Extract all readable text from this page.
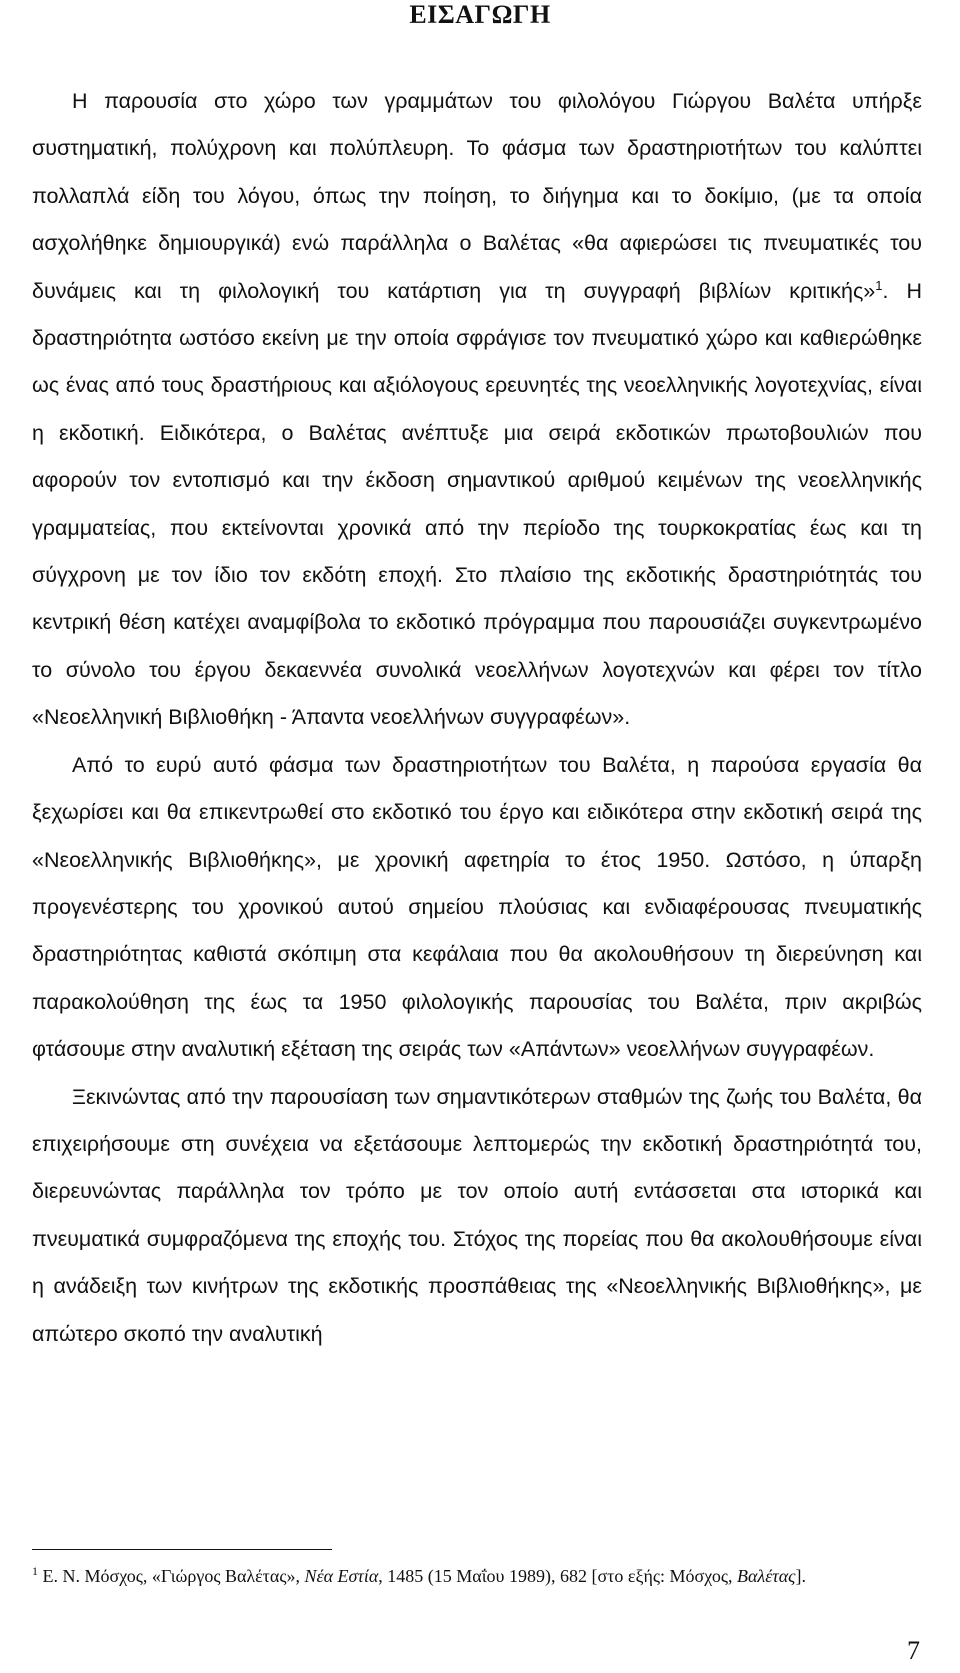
ΕΙΣΑΓΩΓΗ

Η παρουσία στο χώρο των γραμμάτων του φιλολόγου Γιώργου Βαλέτα υπήρξε συστηματική, πολύχρονη και πολύπλευρη. Το φάσμα των δραστηριοτήτων του καλύπτει πολλαπλά είδη του λόγου, όπως την ποίηση, το διήγημα και το δοκίμιο, (με τα οποία ασχολήθηκε δημιουργικά) ενώ παράλληλα ο Βαλέτας «θα αφιερώσει τις πνευματικές του δυνάμεις και τη φιλολογική του κατάρτιση για τη συγγραφή βιβλίων κριτικής»$^1$. Η δραστηριότητα ωστόσο εκείνη με την οποία σφράγισε τον πνευματικό χώρο και καθιερώθηκε ως ένας από τους δραστήριους και αξιόλογους ερευνητές της νεοελληνικής λογοτεχνίας, είναι η εκδοτική. Ειδικότερα, ο Βαλέτας ανέπτυξε μια σειρά εκδοτικών πρωτοβουλιών που αφορούν τον εντοπισμό και την έκδοση σημαντικού αριθμού κειμένων της νεοελληνικής γραμματείας, που εκτείνονται χρονικά από την περίοδο της τουρκοκρατίας έως και τη σύγχρονη με τον ίδιο τον εκδότη εποχή. Στο πλαίσιο της εκδοτικής δραστηριότητάς του κεντρική θέση κατέχει αναμφίβολα το εκδοτικό πρόγραμμα που παρουσιάζει συγκεντρωμένο το σύνολο του έργου δεκαεννέα συνολικά νεοελλήνων λογοτεχνών και φέρει τον τίτλο «Νεοελληνική Βιβλιοθήκη - Άπαντα νεοελλήνων συγγραφέων».

Από το ευρύ αυτό φάσμα των δραστηριοτήτων του Βαλέτα, η παρούσα εργασία θα ξεχωρίσει και θα επικεντρωθεί στο εκδοτικό του έργο και ειδικότερα στην εκδοτική σειρά της «Νεοελληνικής Βιβλιοθήκης», με χρονική αφετηρία το έτος 1950. Ωστόσο, η ύπαρξη προγενέστερης του χρονικού αυτού σημείου πλούσιας και ενδιαφέρουσας πνευματικής δραστηριότητας καθιστά σκόπιμη στα κεφάλαια που θα ακολουθήσουν τη διερεύνηση και παρακολούθηση της έως τα 1950 φιλολογικής παρουσίας του Βαλέτα, πριν ακριβώς φτάσουμε στην αναλυτική εξέταση της σειράς των «Απάντων» νεοελλήνων συγγραφέων.

Ξεκινώντας από την παρουσίαση των σημαντικότερων σταθμών της ζωής του Βαλέτα, θα επιχειρήσουμε στη συνέχεια να εξετάσουμε λεπτομερώς την εκδοτική δραστηριότητά του, διερευνώντας παράλληλα τον τρόπο με τον οποίο αυτή εντάσσεται στα ιστορικά και πνευματικά συμφραζόμενα της εποχής του. Στόχος της πορείας που θα ακολουθήσουμε είναι η ανάδειξη των κινήτρων της εκδοτικής προσπάθειας της «Νεοελληνικής Βιβλιοθήκης», με απώτερο σκοπό την αναλυτική

$^1$ Ε. Ν. Μόσχος, «Γιώργος Βαλέτας», Νέα Εστία, 1485 (15 Μαΐου 1989), 682 [στο εξής: Μόσχος, Βαλέτας].
7
